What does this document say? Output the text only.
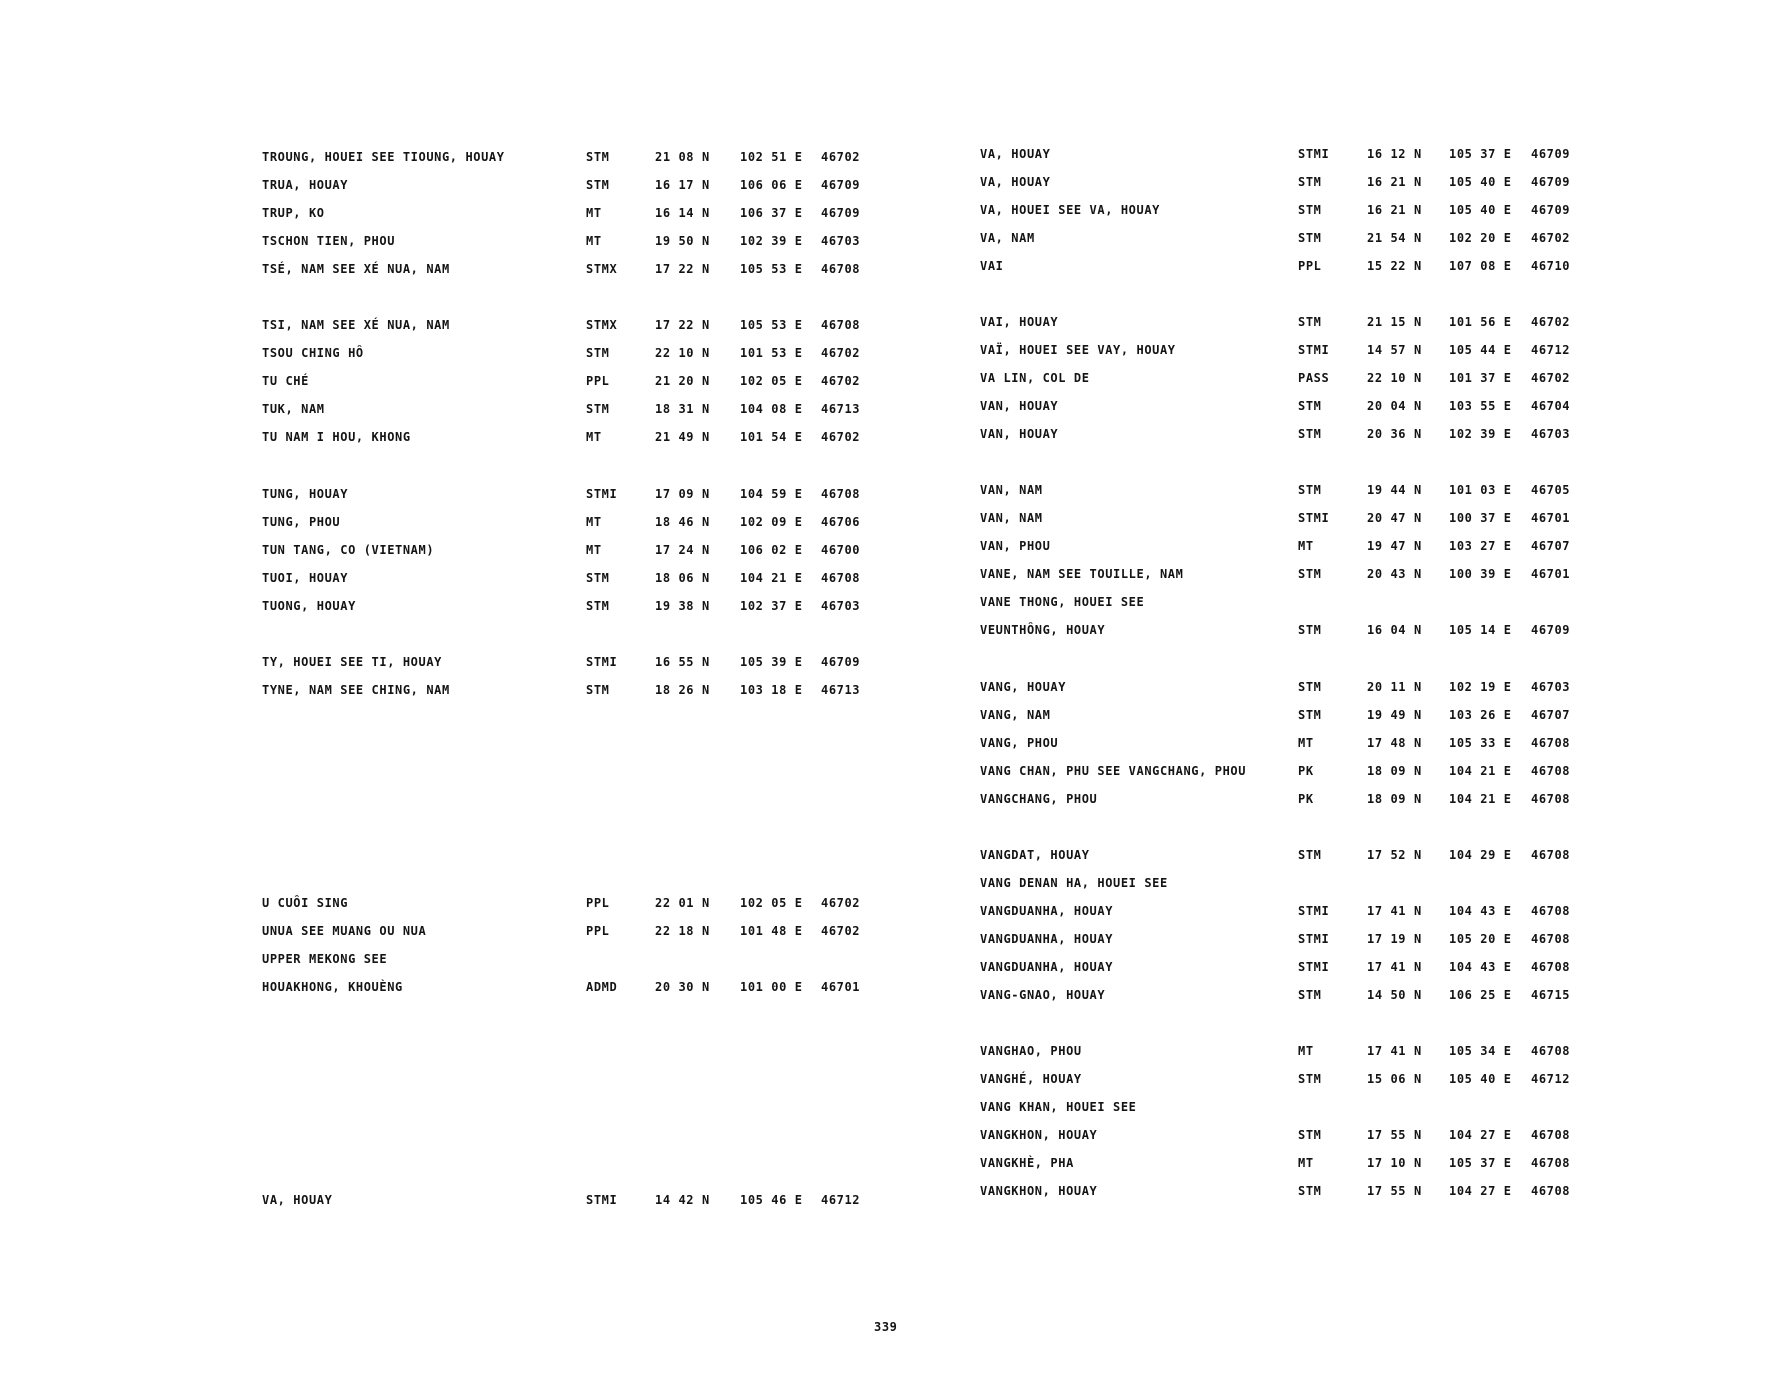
TROUNG, HOUEI SEE TIOUNG, HOUAY	STM	21 08 N	102 51 E 46702
TRUA, HOUAY	STM	16 17 N	106 06 E 46709
TRUP, KO	MT	16 14 N	106 37 E 46709
TSCHON TIEN, PHOU	MT	19 50 N	102 39 E 46703
TSÉ, NAM SEE XÉ NUA, NAM	STMX	17 22 N	105 53 E 46708
TSI, NAM SEE XÉ NUA, NAM	STMX	17 22 N	105 53 E 46708
TSOU CHING HÔ	STM	22 10 N	101 53 E 46702
TU CHÉ	PPL	21 20 N	102 05 E 46702
TUK, NAM	STM	18 31 N	104 08 E 46713
TU NAM I HOU, KHONG	MT	21 49 N	101 54 E 46702
TUNG, HOUAY	STMI	17 09 N	104 59 E 46708
TUNG, PHOU	MT	18 46 N	102 09 E 46706
TUN TANG, CO (VIETNAM)	MT	17 24 N	106 02 E 46700
TUOI, HOUAY	STM	18 06 N	104 21 E 46708
TUONG, HOUAY	STM	19 38 N	102 37 E 46703
TY, HOUEI SEE TI, HOUAY	STMI	16 55 N	105 39 E 46709
TYNE, NAM SEE CHING, NAM	STM	18 26 N	103 18 E 46713
U CUÔI SING	PPL	22 01 N	102 05 E 46702
UNUA SEE MUANG OU NUA	PPL	22 18 N	101 48 E 46702
UPPER MEKONG SEE
HOUAKHONG, KHOUÈNG	ADMD	20 30 N	101 00 E 46701
VA, HOUAY	STMI	14 42 N	105 46 E 46712
VA, HOUAY	STMI	16 12 N 105 37 E 46709
VA, HOUAY	STM	16 21 N 105 40 E 46709
VA, HOUEI SEE VA, HOUAY	STM	16 21 N 105 40 E 46709
VA, NAM	STM	21 54 N 102 20 E 46702
VAI	PPL	15 22 N 107 08 E 46710
VAI, HOUAY	STM	21 15 N 101 56 E 46702
VAÏ, HOUEI SEE VAY, HOUAY	STMI	14 57 N 105 44 E 46712
VA LIN, COL DE	PASS	22 10 N 101 37 E 46702
VAN, HOUAY	STM	20 04 N 103 55 E 46704
VAN, HOUAY	STM	20 36 N 102 39 E 46703
VAN, NAM	STM	19 44 N 101 03 E 46705
VAN, NAM	STMI	20 47 N 100 37 E 46701
VAN, PHOU	MT	19 47 N 103 27 E 46707
VANE, NAM SEE TOUILLE, NAM	STM	20 43 N 100 39 E 46701
VANE THONG, HOUEI SEE
VEUNTHÔNG, HOUAY	STM	16 04 N 105 14 E 46709
VANG, HOUAY	STM	20 11 N 102 19 E 46703
VANG, NAM	STM	19 49 N 103 26 E 46707
VANG, PHOU	MT	17 48 N 105 33 E 46708
VANG CHAN, PHU SEE VANGCHANG, PHOU	PK	18 09 N 104 21 E 46708
VANGCHANG, PHOU	PK	18 09 N 104 21 E 46708
VANGDAT, HOUAY	STM	17 52 N 104 29 E 46708
VANG DENAN HA, HOUEI SEE
VANGDUANHA, HOUAY	STMI	17 41 N 104 43 E 46708
VANGDUANHA, HOUAY	STMI	17 19 N 105 20 E 46708
VANGDUANHA, HOUAY	STMI	17 41 N 104 43 E 46708
VANG-GNAO, HOUAY	STM	14 50 N 106 25 E 46715
VANGHAO, PHOU	MT	17 41 N 105 34 E 46708
VANGHÉ, HOUAY	STM	15 06 N 105 40 E 46712
VANG KHAN, HOUEI SEE
VANGKHON, HOUAY	STM	17 55 N 104 27 E 46708
VANGKHÈ, PHA	MT	17 10 N 105 37 E 46708
VANGKHON, HOUAY	STM	17 55 N 104 27 E 46708
339
